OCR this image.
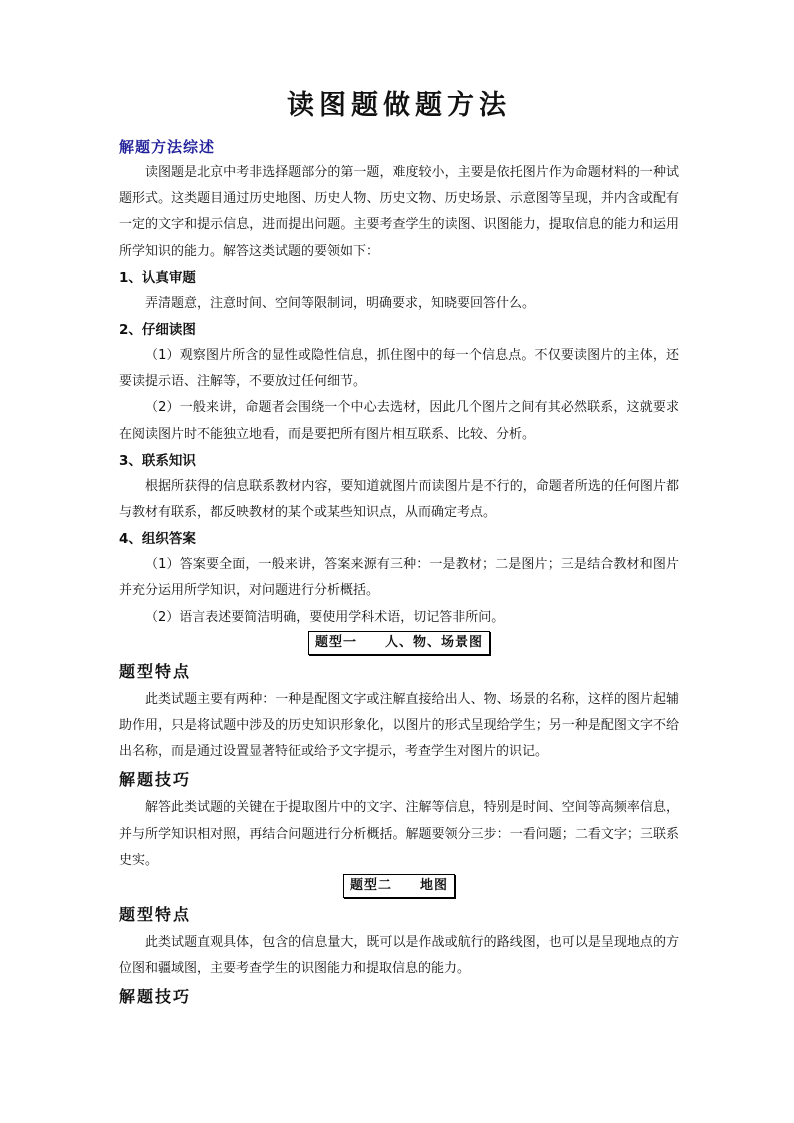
读图题做题方法
解题方法综述

读图题是北京中考非选择题部分的第一题，难度较小，主要是依托图片作为命题材料的一种试题形式。这类题目通过历史地图、历史人物、历史文物、历史场景、示意图等呈现，并内含或配有一定的文字和提示信息，进而提出问题。主要考查学生的读图、识图能力，提取信息的能力和运用所学知识的能力。解答这类试题的要领如下：

1、认真审题

弄清题意，注意时间、空间等限制词，明确要求，知晓要回答什么。

2、仔细读图

（1）观察图片所含的显性或隐性信息，抓住图中的每一个信息点。不仅要读图片的主体，还要读提示语、注解等，不要放过任何细节。

（2）一般来讲，命题者会围绕一个中心去选材，因此几个图片之间有其必然联系，这就要求在阅读图片时不能独立地看，而是要把所有图片相互联系、比较、分析。

3、联系知识

根据所获得的信息联系教材内容，要知道就图片而读图片是不行的，命题者所选的任何图片都与教材有联系，都反映教材的某个或某些知识点，从而确定考点。

4、组织答案

（1）答案要全面，一般来讲，答案来源有三种：一是教材；二是图片；三是结合教材和图片并充分运用所学知识，对问题进行分析概括。

（2）语言表述要简洁明确，要使用学科术语，切记答非所问。

题型一 人、物、场景图
题型特点

此类试题主要有两种：一种是配图文字或注解直接给出人、物、场景的名称，这样的图片起辅助作用，只是将试题中涉及的历史知识形象化，以图片的形式呈现给学生；另一种是配图文字不给出名称，而是通过设置显著特征或给予文字提示，考查学生对图片的识记。

解题技巧

解答此类试题的关键在于提取图片中的文字、注解等信息，特别是时间、空间等高频率信息，并与所学知识相对照，再结合问题进行分析概括。解题要领分三步：一看问题；二看文字；三联系史实。

题型二 地图
题型特点

此类试题直观具体，包含的信息量大，既可以是作战或航行的路线图，也可以是呈现地点的方位图和疆域图，主要考查学生的识图能力和提取信息的能力。

解题技巧
